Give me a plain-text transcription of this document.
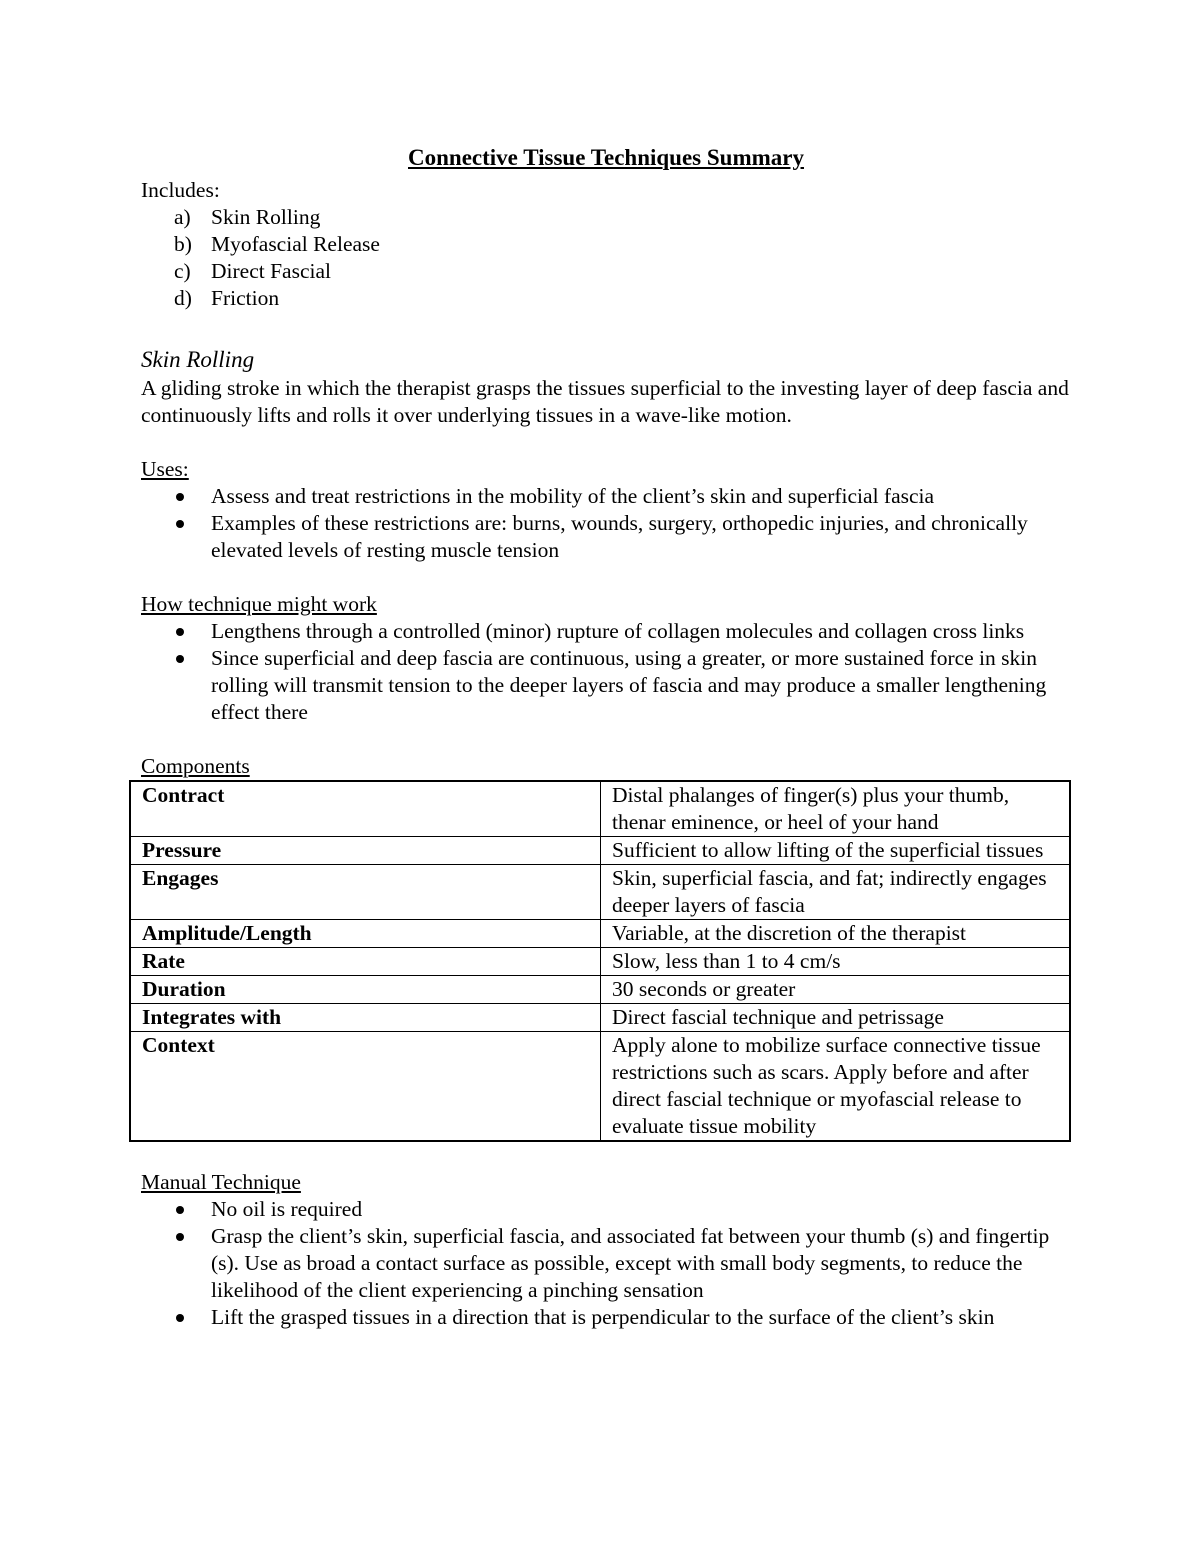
Connective Tissue Techniques Summary

Includes:

a) Skin Rolling
b) Myofascial Release
c) Direct Fascial
d) Friction
Skin Rolling

A gliding stroke in which the therapist grasps the tissues superficial to the investing layer of deep fascia and continuously lifts and rolls it over underlying tissues in a wave-like motion.

Uses:

Assess and treat restrictions in the mobility of the client’s skin and superficial fascia
Examples of these restrictions are: burns, wounds, surgery, orthopedic injuries, and chronically elevated levels of resting muscle tension

How technique might work

Lengthens through a controlled (minor) rupture of collagen molecules and collagen cross links
Since superficial and deep fascia are continuous, using a greater, or more sustained force in skin rolling will transmit tension to the deeper layers of fascia and may produce a smaller lengthening effect there

Components

Contract	Distal phalanges of finger(s) plus your thumb, thenar eminence, or heel of your hand
Pressure	Sufficient to allow lifting of the superficial tissues
Engages	Skin, superficial fascia, and fat; indirectly engages deeper layers of fascia
Amplitude/Length	Variable, at the discretion of the therapist
Rate	Slow, less than 1 to 4 cm/s
Duration	30 seconds or greater
Integrates with	Direct fascial technique and petrissage
Context	Apply alone to mobilize surface connective tissue restrictions such as scars. Apply before and after direct fascial technique or myofascial release to evaluate tissue mobility

Manual Technique

No oil is required
Grasp the client’s skin, superficial fascia, and associated fat between your thumb (s) and fingertip (s). Use as broad a contact surface as possible, except with small body segments, to reduce the likelihood of the client experiencing a pinching sensation
Lift the grasped tissues in a direction that is perpendicular to the surface of the client’s skin
